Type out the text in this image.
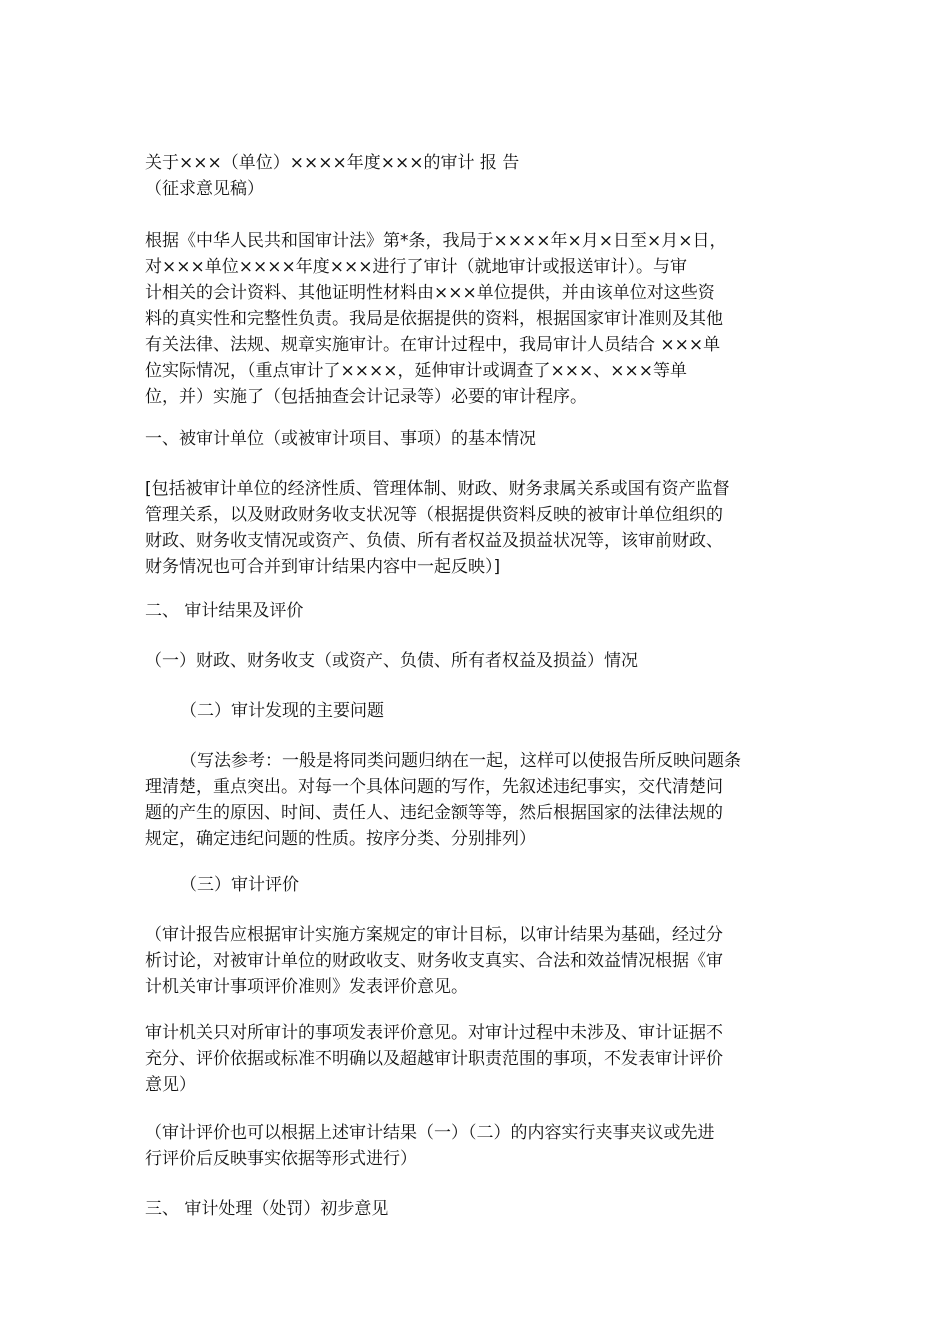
关于×××（单位）××××年度×××的审计 报 告
（征求意见稿）

根据《中华人民共和国审计法》第*条，我局于××××年×月×日至×月×日，
对×××单位××××年度×××进行了审计（就地审计或报送审计）。与审
计相关的会计资料、其他证明性材料由×××单位提供，并由该单位对这些资
料的真实性和完整性负责。我局是依据提供的资料，根据国家审计准则及其他
有关法律、法规、规章实施审计。在审计过程中，我局审计人员结合 ×××单
位实际情况，（重点审计了××××，延伸审计或调查了×××、×××等单
位，并）实施了（包括抽查会计记录等）必要的审计程序。

一、被审计单位（或被审计项目、事项）的基本情况

[包括被审计单位的经济性质、管理体制、财政、财务隶属关系或国有资产监督
管理关系，以及财政财务收支状况等（根据提供资料反映的被审计单位组织的
财政、财务收支情况或资产、负债、所有者权益及损益状况等，该审前财政、
财务情况也可合并到审计结果内容中一起反映）]

二、 审计结果及评价

（一）财政、财务收支（或资产、负债、所有者权益及损益）情况

（二）审计发现的主要问题

（写法参考：一般是将同类问题归纳在一起，这样可以使报告所反映问题条
理清楚，重点突出。对每一个具体问题的写作，先叙述违纪事实，交代清楚问
题的产生的原因、时间、责任人、违纪金额等等，然后根据国家的法律法规的
规定，确定违纪问题的性质。按序分类、分别排列）

（三）审计评价

（审计报告应根据审计实施方案规定的审计目标，以审计结果为基础，经过分
析讨论，对被审计单位的财政收支、财务收支真实、合法和效益情况根据《审
计机关审计事项评价准则》发表评价意见。

审计机关只对所审计的事项发表评价意见。对审计过程中未涉及、审计证据不
充分、评价依据或标准不明确以及超越审计职责范围的事项，不发表审计评价
意见）

（审计评价也可以根据上述审计结果（一）（二）的内容实行夹事夹议或先进
行评价后反映事实依据等形式进行）

三、 审计处理（处罚）初步意见
